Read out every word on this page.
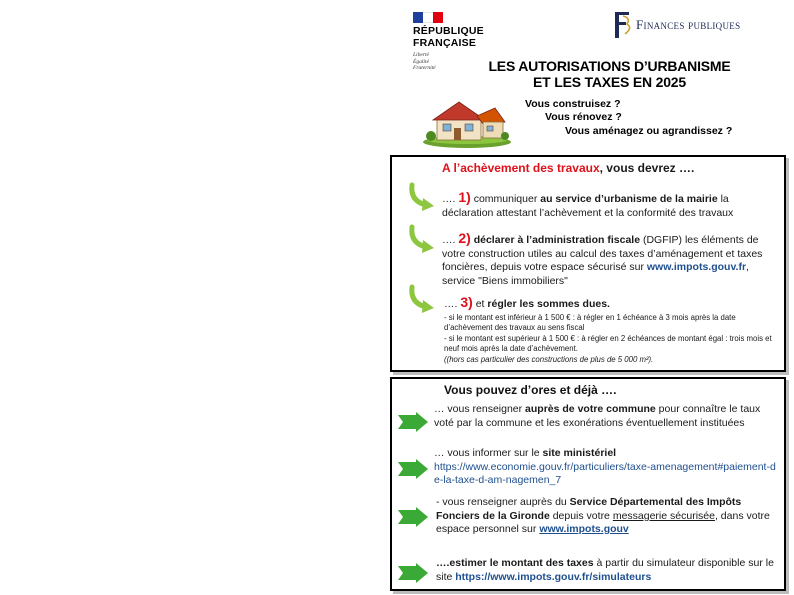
RÉPUBLIQUE
FRANÇAISE
Liberté
Égalité
Fraternité
Finances publiques
LES AUTORISATIONS D’URBANISME
ET LES TAXES EN 2025
Vous construisez ?
Vous rénovez ?
Vous aménagez ou agrandissez ?
A l’achèvement des travaux, vous devrez ….
…. 1) communiquer au service d’urbanisme de la mairie la déclaration attestant l’achèvement et la conformité des travaux
…. 2) déclarer à l’administration fiscale (DGFIP) les éléments de votre construction utiles au calcul des taxes d’aménagement et taxes foncières, depuis votre espace sécurisé sur www.impots.gouv.fr, service "Biens immobiliers"
…. 3) et régler les sommes dues.
- si le montant est inférieur à 1 500 € : à régler en 1 échéance à 3 mois après la date d’achèvement des travaux au sens fiscal
- si le montant est supérieur à 1 500 € : à régler en 2 échéances de montant égal : trois mois et neuf mois après la date d’achèvement.
((hors cas particulier des constructions de plus de 5 000 m²).
Vous pouvez d’ores et déjà ….
… vous renseigner auprès de votre commune pour connaître le taux voté par la commune et les exonérations éventuellement instituées
… vous informer sur le site ministériel
https://www.economie.gouv.fr/particuliers/taxe-amenagement#paiement-de-la-taxe-d-am-nagemen_7
- vous renseigner auprès du Service Départemental des Impôts Fonciers de la Gironde depuis votre messagerie sécurisée, dans votre espace personnel sur www.impots.gouv
….estimer le montant des taxes à partir du simulateur disponible sur le site https://www.impots.gouv.fr/simulateurs
